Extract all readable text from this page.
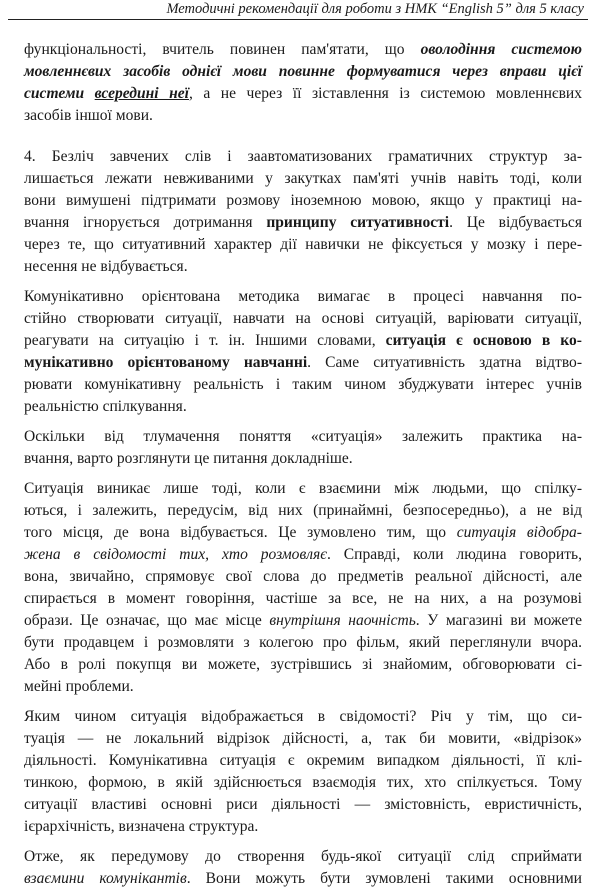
Методичні рекомендації для роботи з НМК “English 5” для 5 класу
функціональності, вчитель повинен пам'ятати, що оволодіння системою
мовленнєвих засобів однієї мови повинне формуватися через вправи цієї
системи всередині неї, а не через її зіставлення із системою мовленнєвих
засобів іншої мови.
4. Безліч завчених слів і заавтоматизованих граматичних структур за-
лишається лежати невживаними у закутках пам'яті учнів навіть тоді, коли
вони вимушені підтримати розмову іноземною мовою, якщо у практиці на-
вчання ігнорується дотримання принципу ситуативності. Це відбувається
через те, що ситуативний характер дії навички не фіксується у мозку і пере-
несення не відбувається.
Комунікативно орієнтована методика вимагає в процесі навчання по-
стійно створювати ситуації, навчати на основі ситуацій, варіювати ситуації,
реагувати на ситуацію і т. ін. Іншими словами, ситуація є основою в ко-
мунікативно орієнтованому навчанні. Саме ситуативність здатна відтво-
рювати комунікативну реальність і таким чином збуджувати інтерес учнів
реальністю спілкування.
Оскільки від тлумачення поняття «ситуація» залежить практика на-
вчання, варто розглянути це питання докладніше.
Ситуація виникає лише тоді, коли є взаємини між людьми, що спілку-
ються, і залежить, передусім, від них (принаймні, безпосередньо), а не від
того місця, де вона відбувається. Це зумовлено тим, що ситуація відобра-
жена в свідомості тих, хто розмовляє. Справді, коли людина говорить,
вона, звичайно, спрямовує свої слова до предметів реальної дійсності, але
спирається в момент говоріння, частіше за все, не на них, а на розумові
образи. Це означає, що має місце внутрішня наочність. У магазині ви можете
бути продавцем і розмовляти з колегою про фільм, який переглянули вчора.
Або в ролі покупця ви можете, зустрівшись зі знайомим, обговорювати сі-
мейні проблеми.
Яким чином ситуація відображається в свідомості? Річ у тім, що си-
туація — не локальний відрізок дійсності, а, так би мовити, «відрізок»
діяльності. Комунікативна ситуація є окремим випадком діяльності, її клі-
тинкою, формою, в якій здійснюється взаємодія тих, хто спілкується. Тому
ситуації властиві основні риси діяльності — змістовність, евристичність,
ієрархічність, визначена структура.
Отже, як передумову до створення будь-якої ситуації слід сприймати
взаємини комунікантів. Вони можуть бути зумовлені такими основними
